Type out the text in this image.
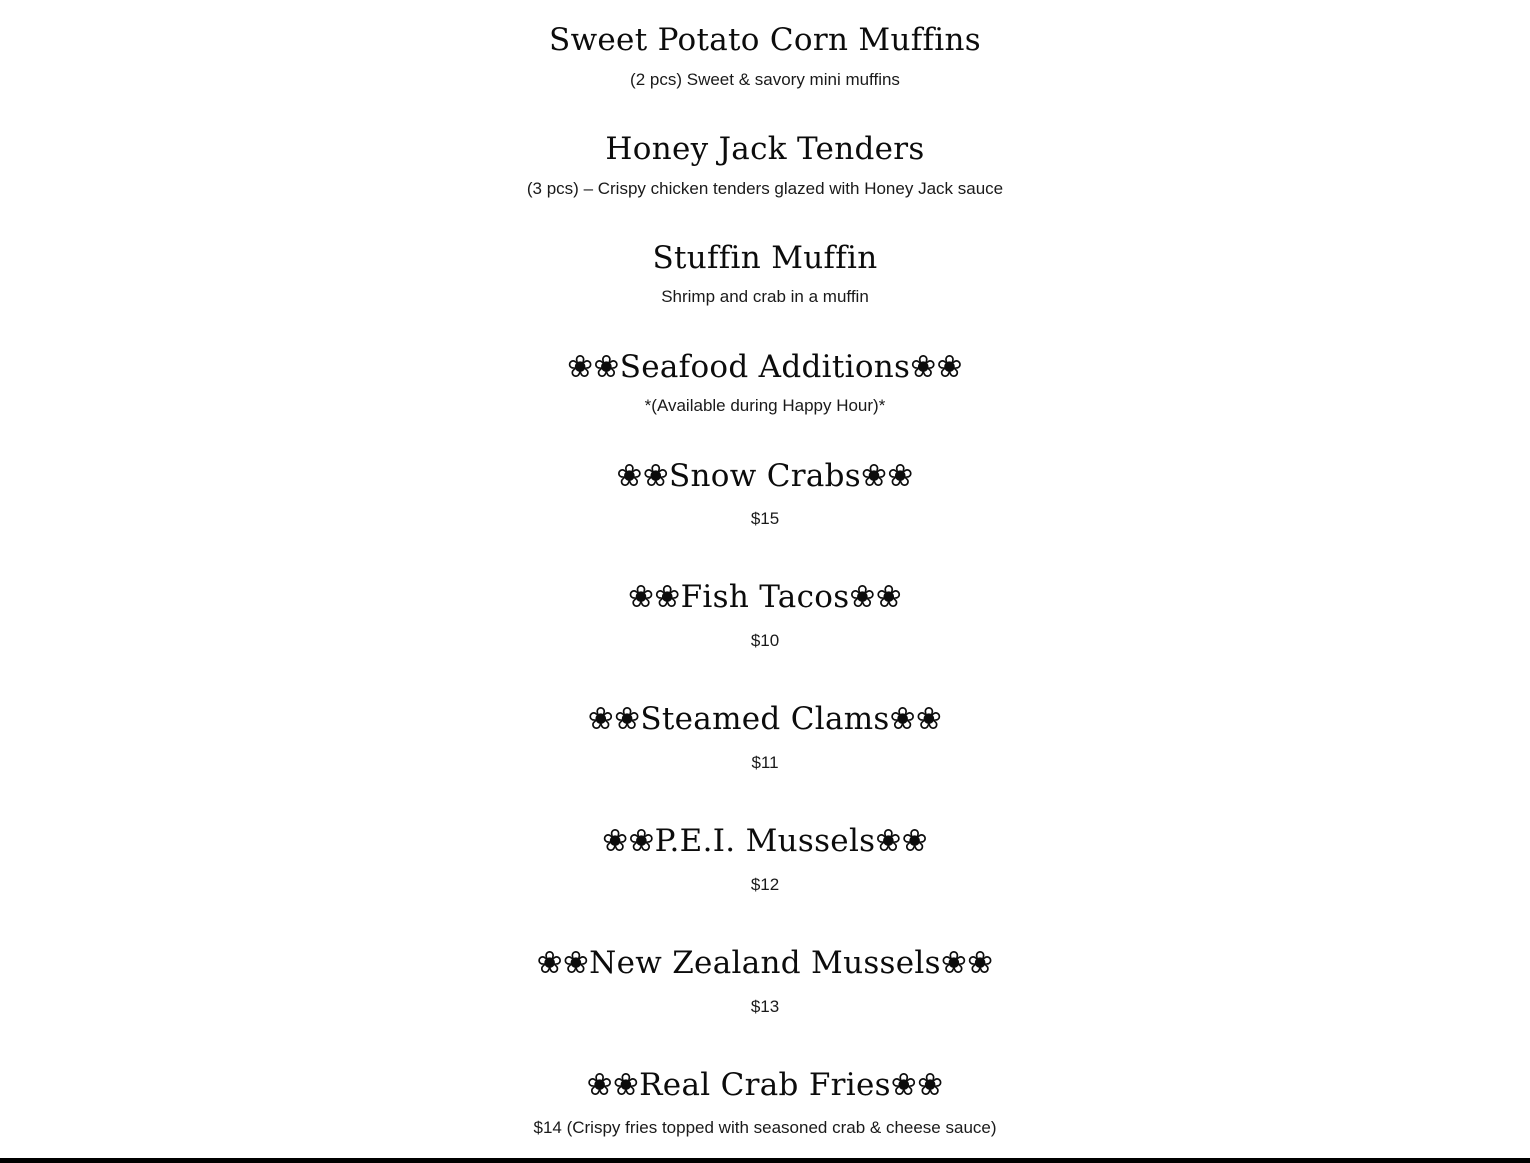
Sweet Potato Corn Muffins
(2 pcs) Sweet & savory mini muffins
Honey Jack Tenders
(3 pcs) – Crispy chicken tenders glazed with Honey Jack sauce
Stuffin Muffin
Shrimp and crab in a muffin
❀❀Seafood Additions❀❀
*(Available during Happy Hour)*
❀❀Snow Crabs❀❀
$15
❀❀Fish Tacos❀❀
$10
❀❀Steamed Clams❀❀
$11
❀❀P.E.I. Mussels❀❀
$12
❀❀New Zealand Mussels❀❀
$13
❀❀Real Crab Fries❀❀
$14 (Crispy fries topped with seasoned crab & cheese sauce)
